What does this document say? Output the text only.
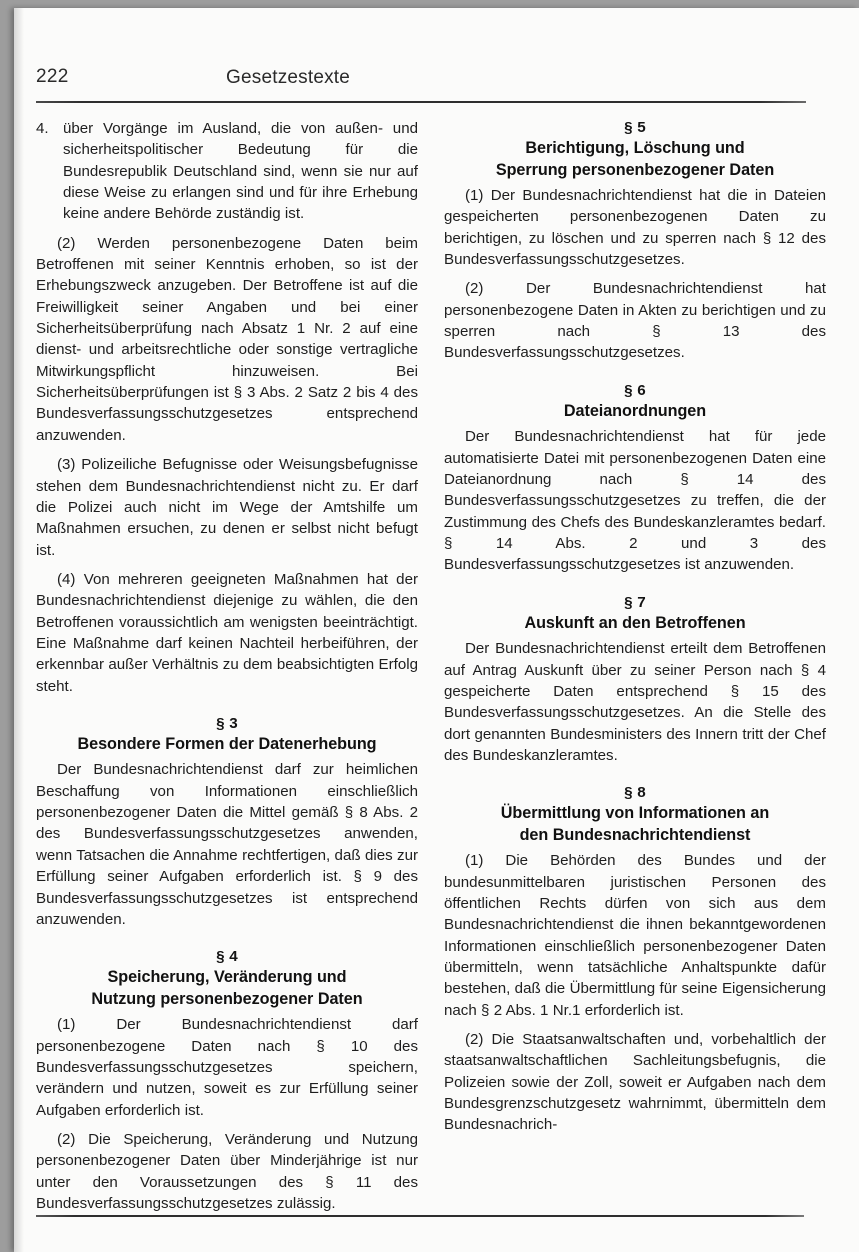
222	Gesetzestexte
4. über Vorgänge im Ausland, die von außen- und sicherheitspolitischer Bedeutung für die Bundesrepublik Deutschland sind, wenn sie nur auf diese Weise zu erlangen sind und für ihre Erhebung keine andere Behörde zuständig ist.

(2) Werden personenbezogene Daten beim Betroffenen mit seiner Kenntnis erhoben, so ist der Erhebungszweck anzugeben. Der Betroffene ist auf die Freiwilligkeit seiner Angaben und bei einer Sicherheitsüberprüfung nach Absatz 1 Nr. 2 auf eine dienst- und arbeitsrechtliche oder sonstige vertragliche Mitwirkungspflicht hinzuweisen. Bei Sicherheitsüberprüfungen ist § 3 Abs. 2 Satz 2 bis 4 des Bundesverfassungsschutzgesetzes entsprechend anzuwenden.

(3) Polizeiliche Befugnisse oder Weisungsbefugnisse stehen dem Bundesnachrichtendienst nicht zu. Er darf die Polizei auch nicht im Wege der Amtshilfe um Maßnahmen ersuchen, zu denen er selbst nicht befugt ist.

(4) Von mehreren geeigneten Maßnahmen hat der Bundesnachrichtendienst diejenige zu wählen, die den Betroffenen voraussichtlich am wenigsten beeinträchtigt. Eine Maßnahme darf keinen Nachteil herbeiführen, der erkennbar außer Verhältnis zu dem beabsichtigten Erfolg steht.

§ 3
Besondere Formen der Datenerhebung

Der Bundesnachrichtendienst darf zur heimlichen Beschaffung von Informationen einschließlich personenbezogener Daten die Mittel gemäß § 8 Abs. 2 des Bundesverfassungsschutzgesetzes anwenden, wenn Tatsachen die Annahme rechtfertigen, daß dies zur Erfüllung seiner Aufgaben erforderlich ist. § 9 des Bundesverfassungsschutzgesetzes ist entsprechend anzuwenden.

§ 4
Speicherung, Veränderung und
Nutzung personenbezogener Daten

(1) Der Bundesnachrichtendienst darf personenbezogene Daten nach § 10 des Bundesverfassungsschutzgesetzes speichern, verändern und nutzen, soweit es zur Erfüllung seiner Aufgaben erforderlich ist.

(2) Die Speicherung, Veränderung und Nutzung personenbezogener Daten über Minderjährige ist nur unter den Voraussetzungen des § 11 des Bundesverfassungsschutzgesetzes zulässig.

§ 5
Berichtigung, Löschung und
Sperrung personenbezogener Daten

(1) Der Bundesnachrichtendienst hat die in Dateien gespeicherten personenbezogenen Daten zu berichtigen, zu löschen und zu sperren nach § 12 des Bundesverfassungsschutzgesetzes.

(2) Der Bundesnachrichtendienst hat personenbezogene Daten in Akten zu berichtigen und zu sperren nach § 13 des Bundesverfassungsschutzgesetzes.

§ 6
Dateianordnungen

Der Bundesnachrichtendienst hat für jede automatisierte Datei mit personenbezogenen Daten eine Dateianordnung nach § 14 des Bundesverfassungsschutzgesetzes zu treffen, die der Zustimmung des Chefs des Bundeskanzleramtes bedarf. § 14 Abs. 2 und 3 des Bundesverfassungsschutzgesetzes ist anzuwenden.

§ 7
Auskunft an den Betroffenen

Der Bundesnachrichtendienst erteilt dem Betroffenen auf Antrag Auskunft über zu seiner Person nach § 4 gespeicherte Daten entsprechend § 15 des Bundesverfassungsschutzgesetzes. An die Stelle des dort genannten Bundesministers des Innern tritt der Chef des Bundeskanzleramtes.

§ 8
Übermittlung von Informationen an
den Bundesnachrichtendienst

(1) Die Behörden des Bundes und der bundesunmittelbaren juristischen Personen des öffentlichen Rechts dürfen von sich aus dem Bundesnachrichtendienst die ihnen bekanntgewordenen Informationen einschließlich personenbezogener Daten übermitteln, wenn tatsächliche Anhaltspunkte dafür bestehen, daß die Übermittlung für seine Eigensicherung nach § 2 Abs. 1 Nr.1 erforderlich ist.

(2) Die Staatsanwaltschaften und, vorbehaltlich der staatsanwaltschaftlichen Sachleitungsbefugnis, die Polizeien sowie der Zoll, soweit er Aufgaben nach dem Bundesgrenzschutzgesetz wahrnimmt, übermitteln dem Bundesnachrich-
